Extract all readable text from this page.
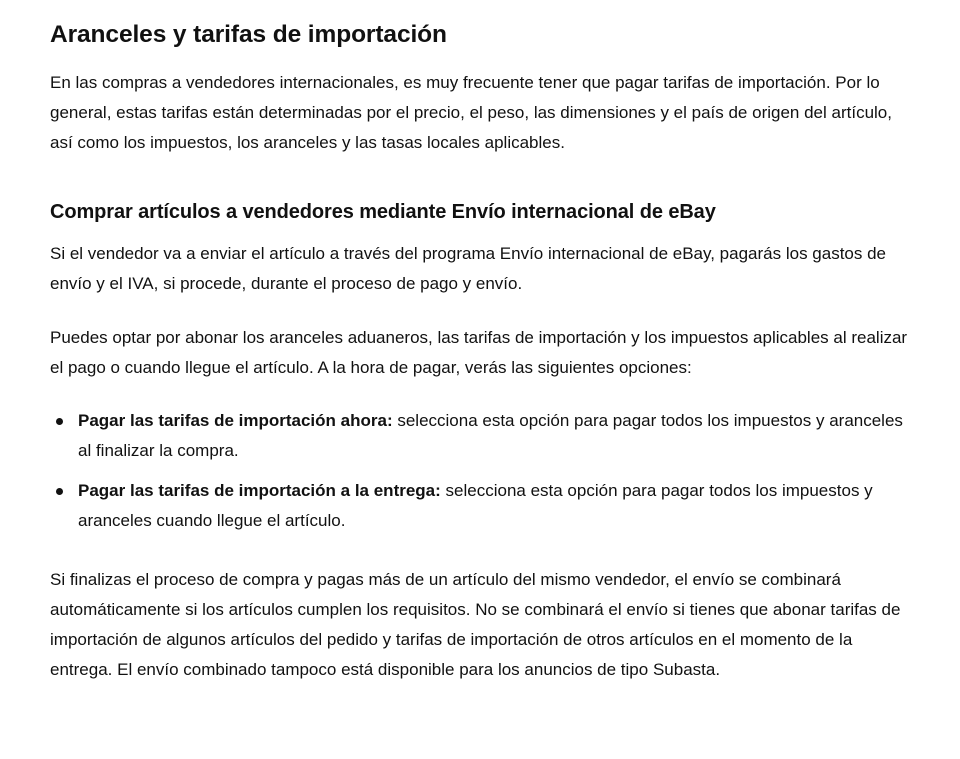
Aranceles y tarifas de importación

En las compras a vendedores internacionales, es muy frecuente tener que pagar tarifas de importación. Por lo general, estas tarifas están determinadas por el precio, el peso, las dimensiones y el país de origen del artículo, así como los impuestos, los aranceles y las tasas locales aplicables.

Comprar artículos a vendedores mediante Envío internacional de eBay

Si el vendedor va a enviar el artículo a través del programa Envío internacional de eBay, pagarás los gastos de envío y el IVA, si procede, durante el proceso de pago y envío.

Puedes optar por abonar los aranceles aduaneros, las tarifas de importación y los impuestos aplicables al realizar el pago o cuando llegue el artículo. A la hora de pagar, verás las siguientes opciones:

Pagar las tarifas de importación ahora: selecciona esta opción para pagar todos los impuestos y aranceles al finalizar la compra.
Pagar las tarifas de importación a la entrega: selecciona esta opción para pagar todos los impuestos y aranceles cuando llegue el artículo.

Si finalizas el proceso de compra y pagas más de un artículo del mismo vendedor, el envío se combinará automáticamente si los artículos cumplen los requisitos. No se combinará el envío si tienes que abonar tarifas de importación de algunos artículos del pedido y tarifas de importación de otros artículos en el momento de la entrega. El envío combinado tampoco está disponible para los anuncios de tipo Subasta.
